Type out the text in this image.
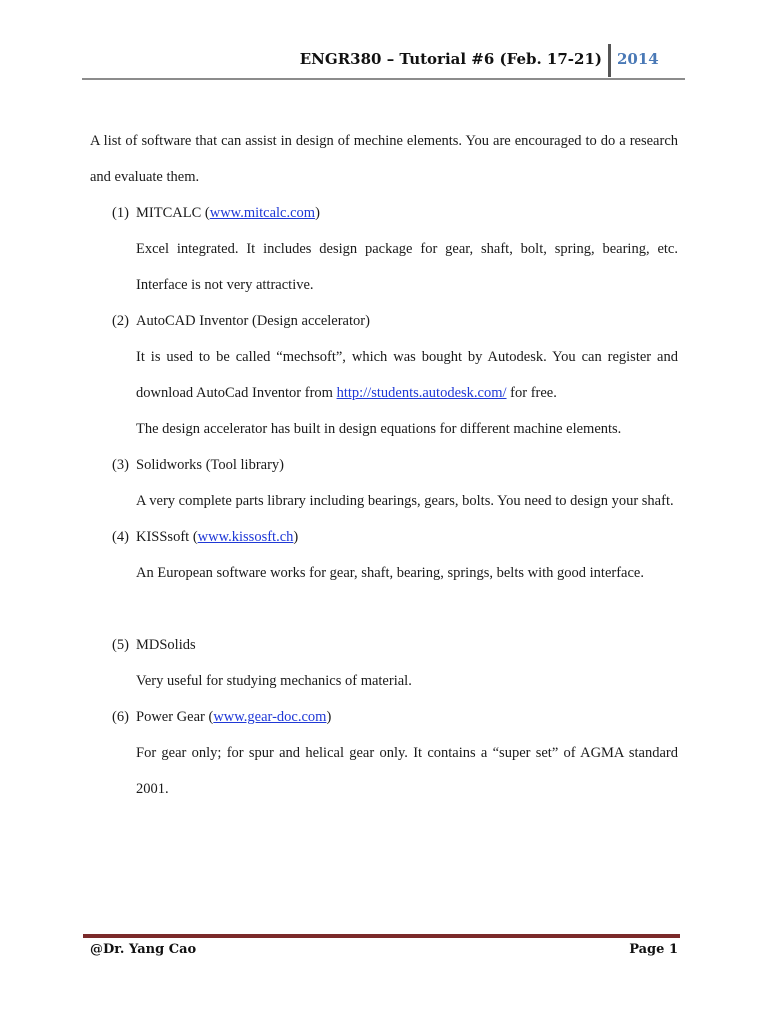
ENGR380 – Tutorial #6 (Feb. 17-21) 2014

A list of software that can assist in design of mechine elements. You are encouraged to do a research and evaluate them.

(1) MITCALC (www.mitcalc.com)

Excel integrated. It includes design package for gear, shaft, bolt, spring, bearing, etc. Interface is not very attractive.

(2) AutoCAD Inventor (Design accelerator)

It is used to be called “mechsoft”, which was bought by Autodesk. You can register and download AutoCad Inventor from http://students.autodesk.com/ for free.

The design accelerator has built in design equations for different machine elements.

(3) Solidworks (Tool library)

A very complete parts library including bearings, gears, bolts. You need to design your shaft.

(4) KISSsoft (www.kissosft.ch)

An European software works for gear, shaft, bearing, springs, belts with good interface.

(5) MDSolids

Very useful for studying mechanics of material.

(6) Power Gear (www.gear-doc.com)

For gear only; for spur and helical gear only. It contains a “super set” of AGMA standard 2001.

@Dr. Yang Cao	Page 1
